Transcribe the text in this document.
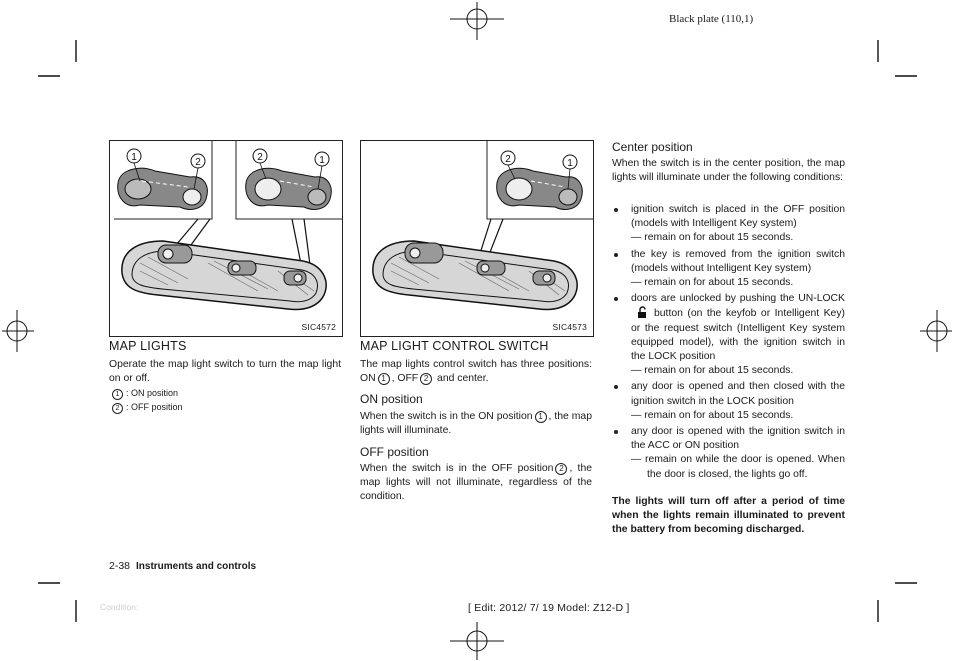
Black plate (110,1)
1	2	2	1
SIC4572
2	1
SIC4573
MAP LIGHTS

Operate the map light switch to turn the map light on or off.

1 : ON position
2 : OFF position
MAP LIGHT CONTROL SWITCH

The map lights control switch has three positions: ON 1 , OFF 2 and center.

ON position

When the switch is in the ON position 1 , the map lights will illuminate.

OFF position

When the switch is in the OFF position 2 , the map lights will not illuminate, regardless of the condition.

Center position

When the switch is in the center position, the map lights will illuminate under the following conditions:

ignition switch is placed in the OFF position (models with Intelligent Key system)
— remain on for about 15 seconds.
the key is removed from the ignition switch (models without Intelligent Key system)
— remain on for about 15 seconds.
doors are unlocked by pushing the UN-LOCKbutton (on the keyfob or Intelligent Key) or the request switch (Intelligent Key system equipped model), with the ignition switch in the LOCK position
— remain on for about 15 seconds.
any door is opened and then closed with the ignition switch in the LOCK position
— remain on for about 15 seconds.
any door is opened with the ignition switch in the ACC or ON position
— remain on while the door is opened. When the door is closed, the lights go off.

The lights will turn off after a period of time when the lights remain illuminated to prevent the battery from becoming discharged.

2-38 Instruments and controls
Condition:	[ Edit: 2012/ 7/ 19 Model: Z12-D ]
